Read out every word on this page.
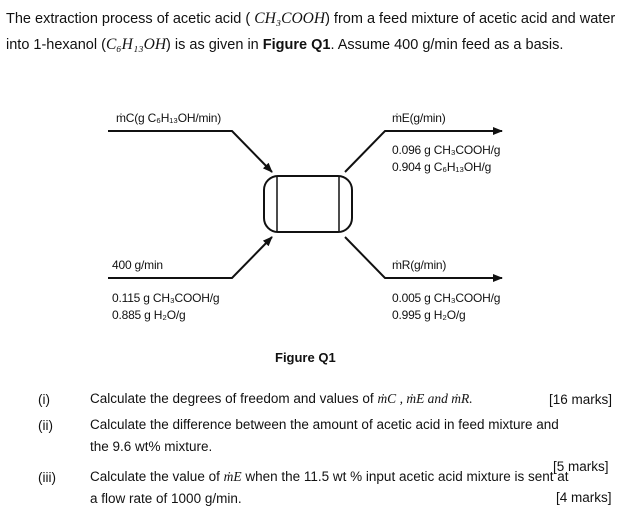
The extraction process of acetic acid ( CH₃COOH) from a feed mixture of acetic acid and water into 1-hexanol (C₆H₁₃OH) is as given in Figure Q1. Assume 400 g/min feed as a basis.
ṁC(g C₆H₁₃OH/min)	ṁE(g/min)
0.096 g CH₃COOH/g
0.904 g C₆H₁₃OH/g
400 g/min
0.115 g CH₃COOH/g
0.885 g H₂O/g
ṁR(g/min)
0.005 g CH₃COOH/g
0.995 g H₂O/g
Figure Q1
(i)	Calculate the degrees of freedom and values of ṁC , ṁE and ṁR.	[16 marks]
(ii)	Calculate the difference between the amount of acetic acid in feed mixture and
the 9.6 wt% mixture.
[5 marks]
(iii)	Calculate the value of ṁE when the 11.5 wt % input acetic acid mixture is sent at
a flow rate of 1000 g/min.	[4 marks]
